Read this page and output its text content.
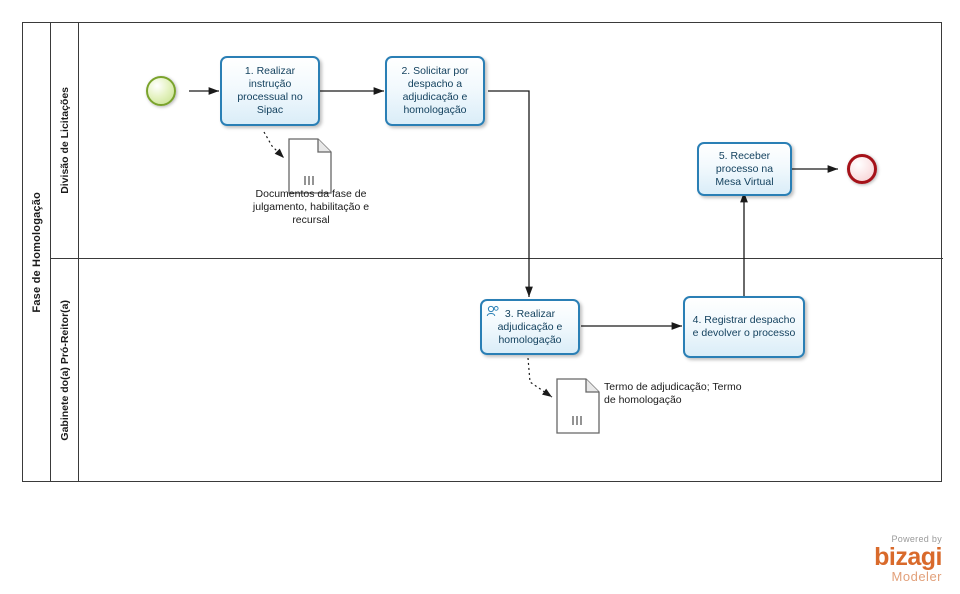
Fase de Homologação
Divisão de Licitações
Gabinete do(a) Pró-Reitor(a)
1. Realizar instrução processual no Sipac
2. Solicitar por despacho a adjudicação e homologação
3. Realizar adjudicação e homologação
4. Registrar despacho e devolver o processo
5. Receber processo na Mesa Virtual
Documentos da fase de julgamento, habilitação e recursal
Termo de adjudicação; Termo de homologação
Powered by
bizagi
Modeler
